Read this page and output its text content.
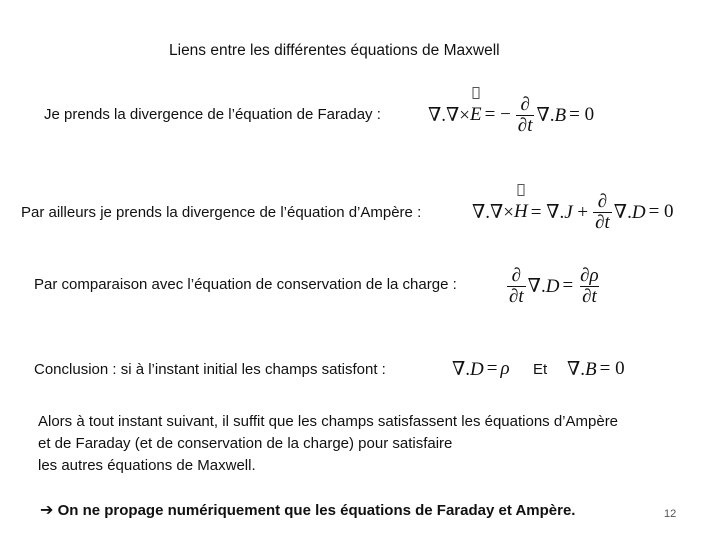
Liens entre les différentes équations de Maxwell
Je prends la divergence de l’équation de Faraday : ∇.∇× E = − $\frac{\partial}{\partial t} \nabla.B = 0$
Par ailleurs je prends la divergence de l’équation d’Ampère :	∇.∇× $H = \nabla.J + \frac{\partial}{\partial t} \nabla.D = 0$
Par comparaison avec l’équation de conservation de la charge :	$\frac{\partial}{\partial t} \nabla.D = \frac{\partial\rho}{\partial t}$
Conclusion : si à l’instant initial les champs satisfont :	∇.D = ρ Et ∇.B = 0
Alors à tout instant suivant, il suffit que les champs satisfassent les équations d’Ampère
et de Faraday (et de conservation de la charge) pour satisfaire
les autres équations de Maxwell.
➔ On ne propage numériquement que les équations de Faraday et Ampère.	12
